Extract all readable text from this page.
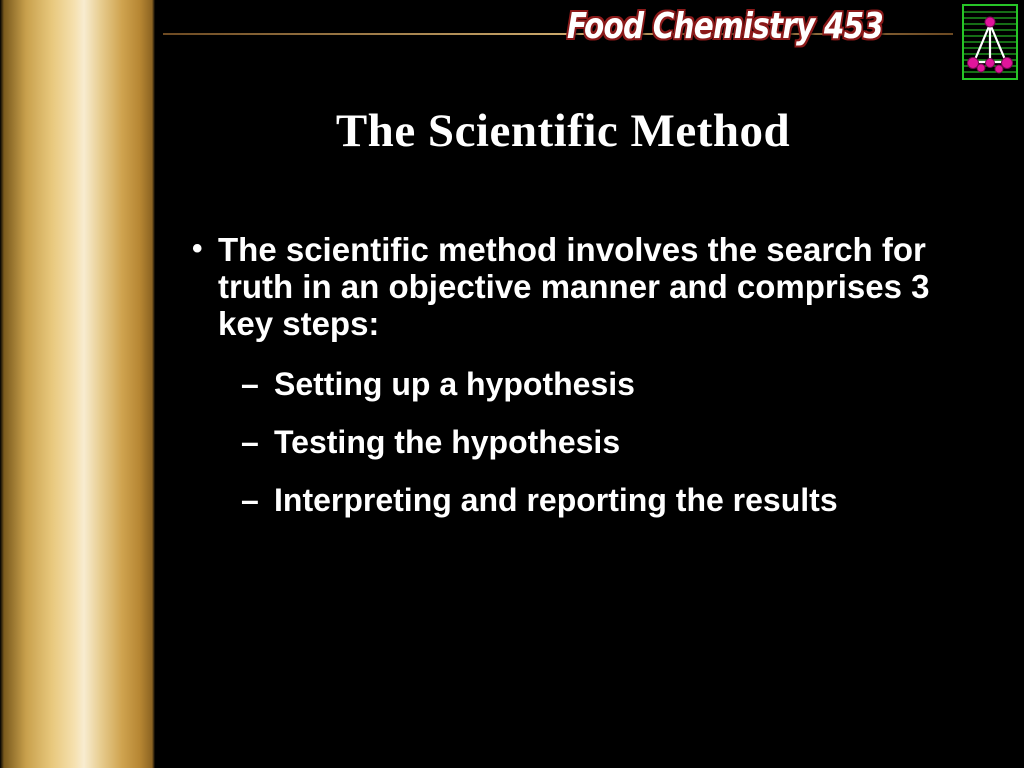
Food Chemistry 453
The Scientific Method
• The scientific method involves the search for truth in an objective manner and comprises 3 key steps:
– Setting up a hypothesis
– Testing the hypothesis
– Interpreting and reporting the results
